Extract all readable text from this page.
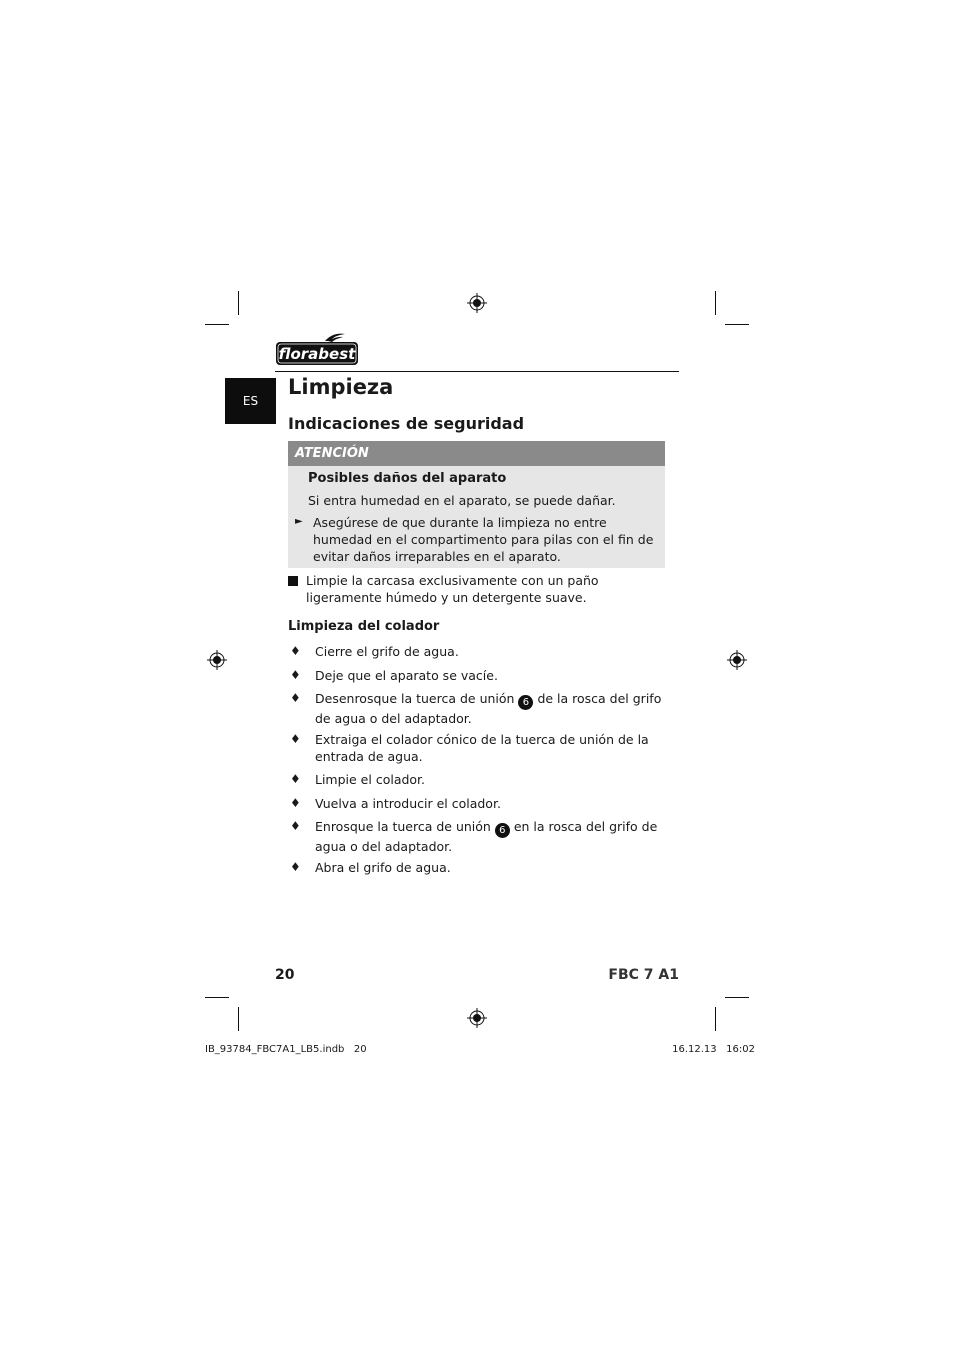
florabest
ES
Limpieza
Indicaciones de seguridad
ATENCIÓN
Posibles daños del aparato
Si entra humedad en el aparato, se puede dañar.
► Asegúrese de que durante la limpieza no entre humedad en el compartimento para pilas con el fin de evitar daños irreparables en el aparato.
Limpie la carcasa exclusivamente con un paño ligeramente húmedo y un detergente suave.
Limpieza del colador
♦ Cierre el grifo de agua.
♦ Deje que el aparato se vacíe.
♦ Desenrosque la tuerca de unión 6 de la rosca del grifo de agua o del adaptador.
♦ Extraiga el colador cónico de la tuerca de unión de la entrada de agua.
♦ Limpie el colador.
♦ Vuelva a introducir el colador.
♦ Enrosque la tuerca de unión 6 en la rosca del grifo de agua o del adaptador.
♦ Abra el grifo de agua.
20	FBC 7 A1
IB_93784_FBC7A1_LB5.indb   20	16.12.13   16:02
